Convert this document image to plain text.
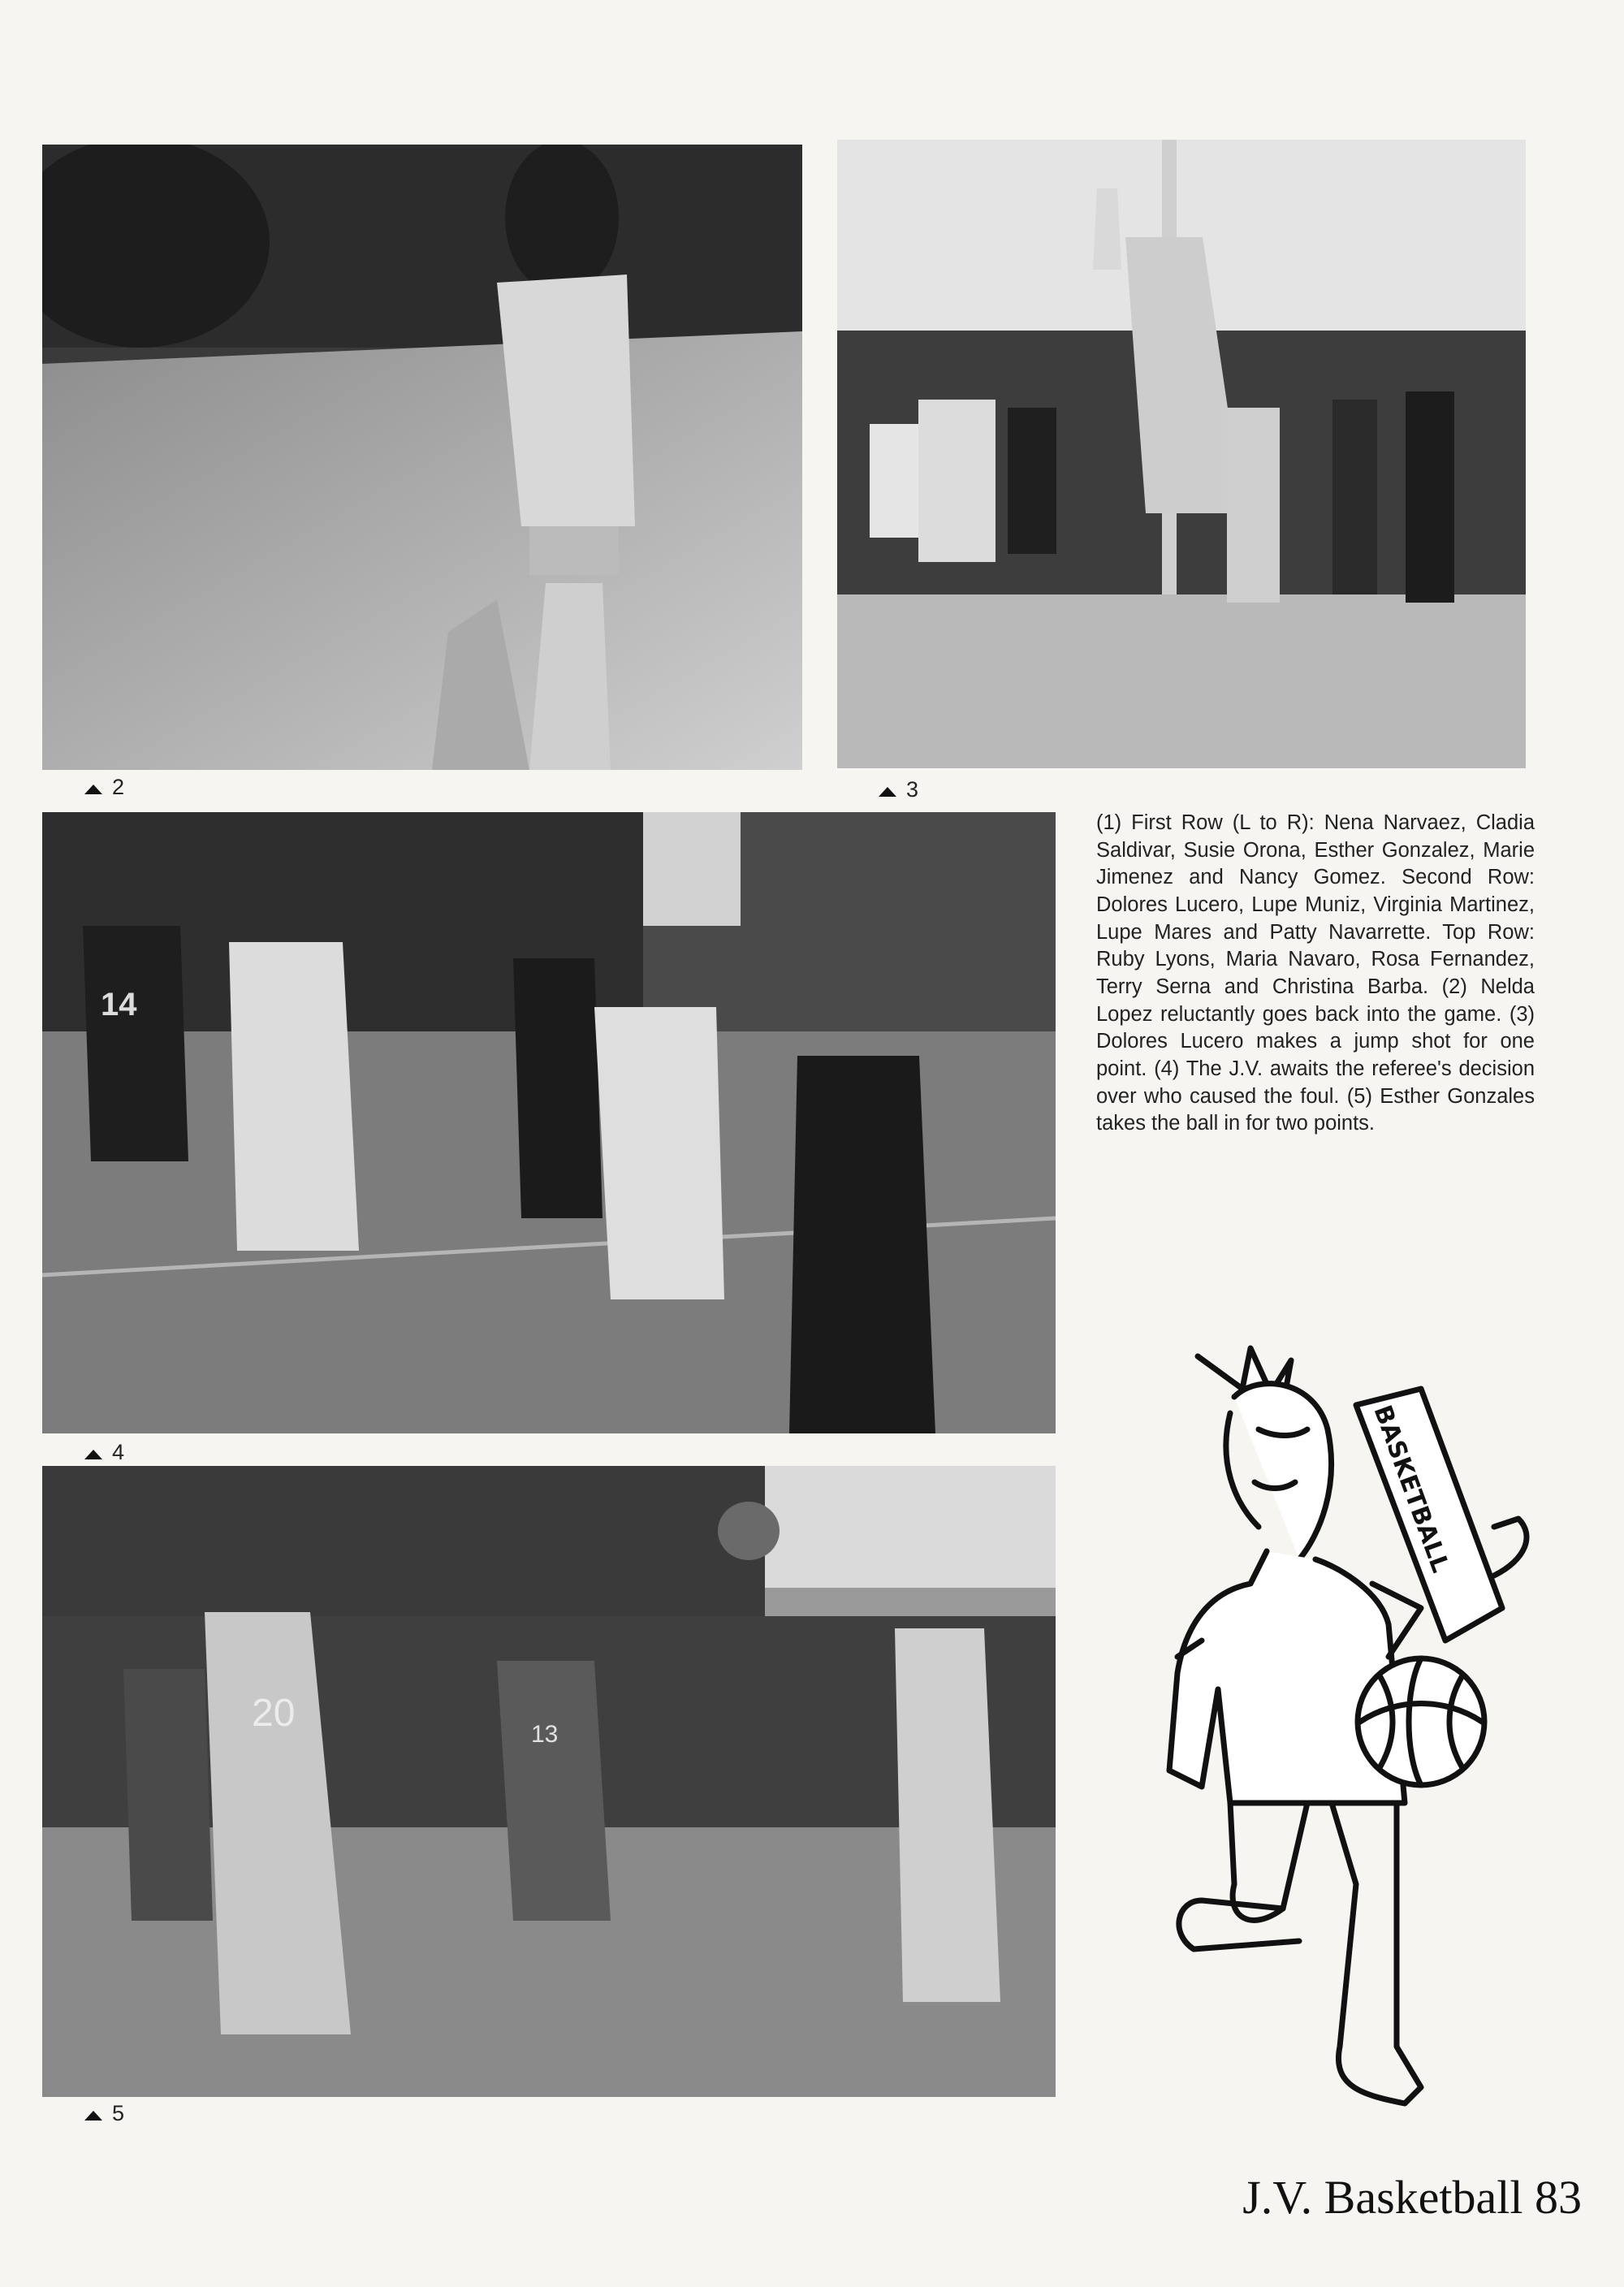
2	3
14
4
20	13
5
(1) First Row (L to R): Nena Narvaez, Cladia Saldivar, Susie Orona, Esther Gonzalez, Marie Jimenez and Nancy Gomez. Second Row: Dolores Lucero, Lupe Muniz, Virginia Martinez, Lupe Mares and Patty Navarrette. Top Row: Ruby Lyons, Maria Navaro, Rosa Fernandez, Terry Serna and Christina Barba. (2) Nelda Lopez reluctantly goes back into the game. (3) Dolores Lucero makes a jump shot for one point. (4) The J.V. awaits the referee's decision over who caused the foul. (5) Esther Gonzales takes the ball in for two points.
BASKETBALL
J.V. Basketball 83
